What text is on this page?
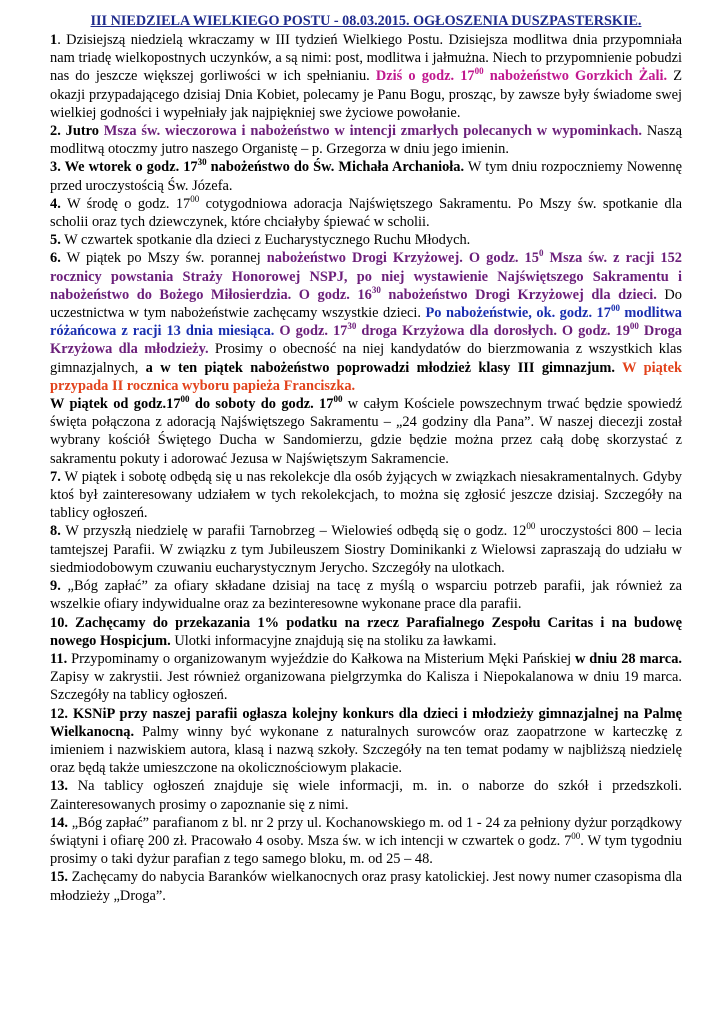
III NIEDZIELA WIELKIEGO POSTU - 08.03.2015. OGŁOSZENIA DUSZPASTERSKIE.

1. Dzisiejszą niedzielą wkraczamy w III tydzień Wielkiego Postu. Dzisiejsza modlitwa dnia przypomniała nam triadę wielkopostnych uczynków, a są nimi: post, modlitwa i jałmużna. Niech to przypomnienie pobudzi nas do jeszcze większej gorliwości w ich spełnianiu. Dziś o godz. $17^{00}$ nabożeństwo Gorzkich Żali. Z okazji przypadającego dzisiaj Dnia Kobiet, polecamy je Panu Bogu, prosząc, by zawsze były świadome swej wielkiej godności i wypełniały jak najpiękniej swe życiowe powołanie.

2. Jutro Msza św. wieczorowa i nabożeństwo w intencji zmarłych polecanych w wypominkach. Naszą modlitwą otoczmy jutro naszego Organistę – p. Grzegorza w dniu jego imienin.

3. We wtorek o godz. $17^{30}$ nabożeństwo do Św. Michała Archanioła. W tym dniu rozpoczniemy Nowennę przed uroczystością Św. Józefa.

4. W środę o godz. $17^{00}$ cotygodniowa adoracja Najświętszego Sakramentu. Po Mszy św. spotkanie dla scholii oraz tych dziewczynek, które chciałyby śpiewać w scholii.

5. W czwartek spotkanie dla dzieci z Eucharystycznego Ruchu Młodych.

6. W piątek po Mszy św. porannej nabożeństwo Drogi Krzyżowej. O godz. $15^0$ Msza św. z racji 152 rocznicy powstania Straży Honorowej NSPJ, po niej wystawienie Najświętszego Sakramentu i nabożeństwo do Bożego Miłosierdzia. O godz. $16^{30}$ nabożeństwo Drogi Krzyżowej dla dzieci. Do uczestnictwa w tym nabożeństwie zachęcamy wszystkie dzieci. Po nabożeństwie, ok. godz. $17^{00}$ modlitwa różańcowa z racji 13 dnia miesiąca. O godz. $17^{30}$ droga Krzyżowa dla dorosłych. O godz. $19^{00}$ Droga Krzyżowa dla młodzieży. Prosimy o obecność na niej kandydatów do bierzmowania z wszystkich klas gimnazjalnych, a w ten piątek nabożeństwo poprowadzi młodzież klasy III gimnazjum. W piątek przypada II rocznica wyboru papieża Franciszka.

W piątek od $godz.17^{00}$ do soboty do godz. $17^{00}$ w całym Kościele powszechnym trwać będzie spowiedź święta połączona z adoracją Najświętszego Sakramentu – „24 godziny dla Pana”. W naszej diecezji został wybrany kościół Świętego Ducha w Sandomierzu, gdzie będzie można przez całą dobę skorzystać z sakramentu pokuty i adorować Jezusa w Najświętszym Sakramencie.

7. W piątek i sobotę odbędą się u nas rekolekcje dla osób żyjących w związkach niesakramentalnych. Gdyby ktoś był zainteresowany udziałem w tych rekolekcjach, to można się zgłosić jeszcze dzisiaj. Szczegóły na tablicy ogłoszeń.

8. W przyszłą niedzielę w parafii Tarnobrzeg – Wielowieś odbędą się o godz. $12^{00}$ uroczystości 800 – lecia tamtejszej Parafii. W związku z tym Jubileuszem Siostry Dominikanki z Wielowsi zapraszają do udziału w siedmiodobowym czuwaniu eucharystycznym Jerycho. Szczegóły na ulotkach.

9. „Bóg zapłać” za ofiary składane dzisiaj na tacę z myślą o wsparciu potrzeb parafii, jak również za wszelkie ofiary indywidualne oraz za bezinteresowne wykonane prace dla parafii.

10. Zachęcamy do przekazania 1% podatku na rzecz Parafialnego Zespołu Caritas i na budowę nowego Hospicjum. Ulotki informacyjne znajdują się na stoliku za ławkami.

11. Przypominamy o organizowanym wyjeździe do Kałkowa na Misterium Męki Pańskiej w dniu 28 marca. Zapisy w zakrystii. Jest również organizowana pielgrzymka do Kalisza i Niepokalanowa w dniu 19 marca. Szczegóły na tablicy ogłoszeń.

12. KSNiP przy naszej parafii ogłasza kolejny konkurs dla dzieci i młodzieży gimnazjalnej na Palmę Wielkanocną. Palmy winny być wykonane z naturalnych surowców oraz zaopatrzone w karteczkę z imieniem i nazwiskiem autora, klasą i nazwą szkoły. Szczegóły na ten temat podamy w najbliższą niedzielę oraz będą także umieszczone na okolicznościowym plakacie.

13. Na tablicy ogłoszeń znajduje się wiele informacji, m. in. o naborze do szkół i przedszkoli. Zainteresowanych prosimy o zapoznanie się z nimi.

14. „Bóg zapłać” parafianom z bl. nr 2 przy ul. Kochanowskiego m. od 1 - 24 za pełniony dyżur porządkowy świątyni i ofiarę 200 zł. Pracowało 4 osoby. Msza św. w ich intencji w czwartek o godz. $7^{00}$. W tym tygodniu prosimy o taki dyżur parafian z tego samego bloku, m. od 25 – 48.

15. Zachęcamy do nabycia Baranków wielkanocnych oraz prasy katolickiej. Jest nowy numer czasopisma dla młodzieży „Droga”.
